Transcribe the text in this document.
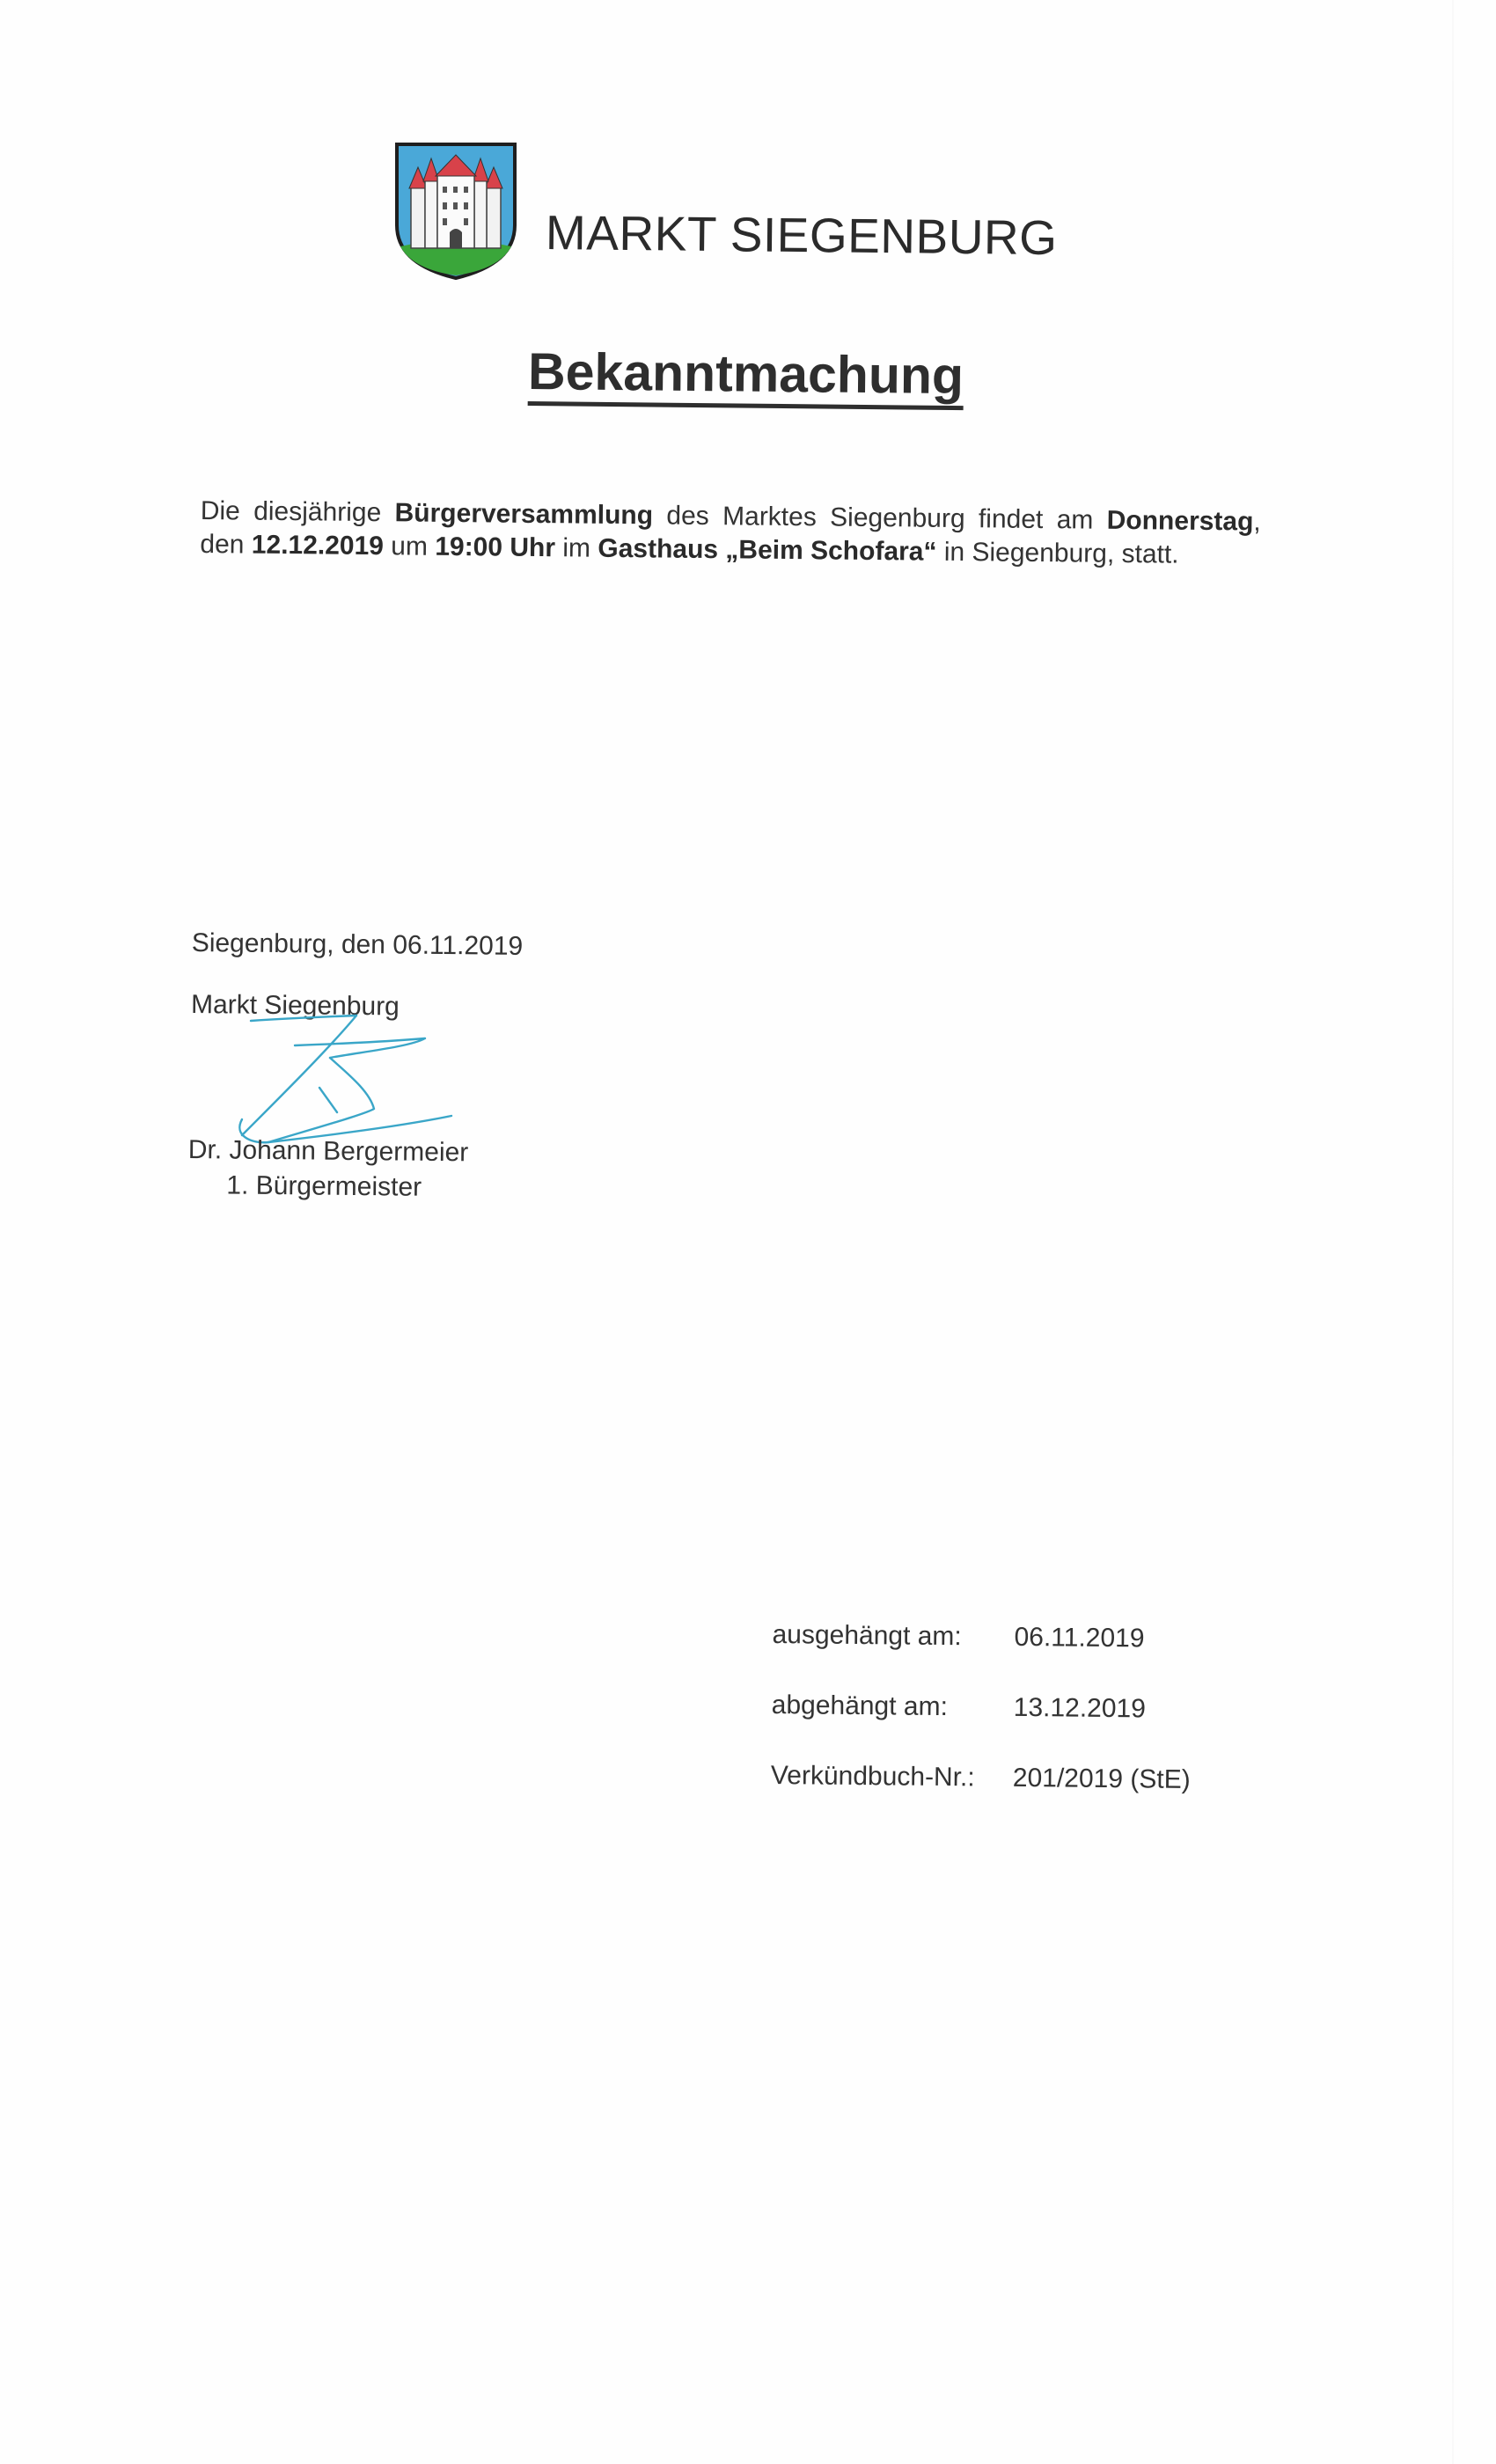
MARKT SIEGENBURG
Bekanntmachung

Die diesjährige Bürgerversammlung des Marktes Siegenburg findet am Donnerstag, den 12.12.2019 um 19:00 Uhr im Gasthaus „Beim Schofara“ in Siegenburg, statt.

Siegenburg, den 06.11.2019
Markt Siegenburg
Dr. Johann Bergermeier
1. Bürgermeister
ausgehängt am:	06.11.2019
abgehängt am:	13.12.2019
Verkündbuch-Nr.:	201/2019 (StE)
